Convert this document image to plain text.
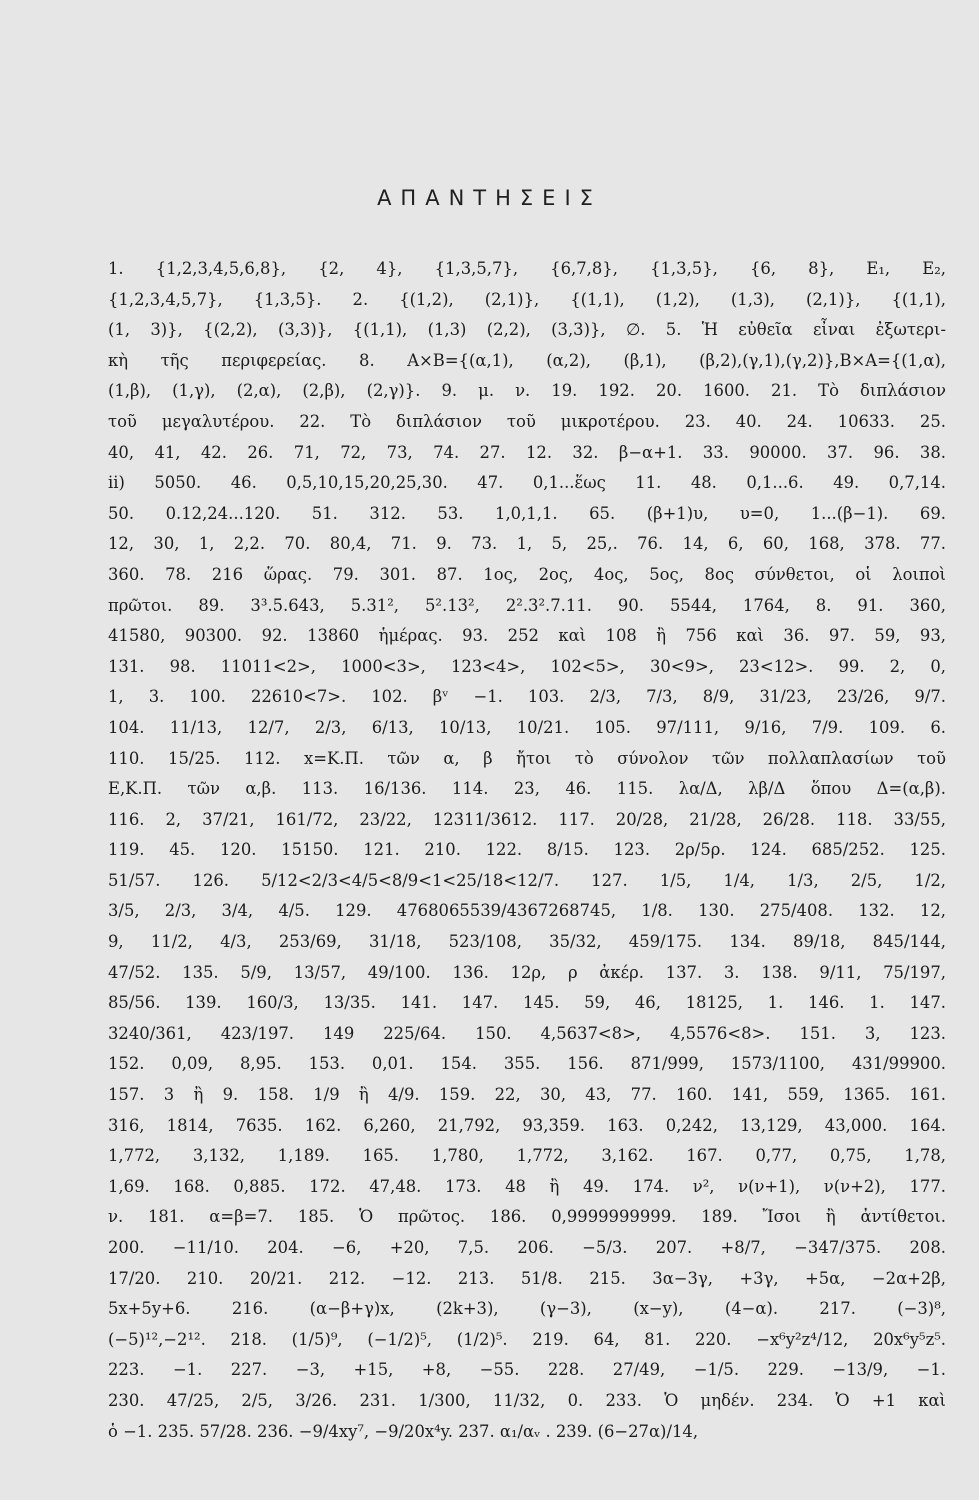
ΑΠΑΝΤΗΣΕΙΣ
1. {1,2,3,4,5,6,8}, {2, 4}, {1,3,5,7}, {6,7,8}, {1,3,5}, {6, 8}, Ε₁, Ε₂,
{1,2,3,4,5,7}, {1,3,5}. 2. {(1,2), (2,1)}, {(1,1), (1,2), (1,3), (2,1)}, {(1,1),
(1, 3)}, {(2,2), (3,3)}, {(1,1), (1,3) (2,2), (3,3)}, ∅. 5. Ἡ εὐθεῖα εἶναι ἐξωτερι-
κὴ τῆς περιφερείας. 8. Α×Β={(α,1), (α,2), (β,1), (β,2),(γ,1),(γ,2)},Β×Α={(1,α),
(1,β), (1,γ), (2,α), (2,β), (2,γ)}. 9. μ. ν. 19. 192. 20. 1600. 21. Τὸ διπλάσιον
τοῦ μεγαλυτέρου. 22. Τὸ διπλάσιον τοῦ μικροτέρου. 23. 40. 24. 10633. 25.
40, 41, 42. 26. 71, 72, 73, 74. 27. 12. 32. β−α+1. 33. 90000. 37. 96. 38.
ii) 5050. 46. 0,5,10,15,20,25,30. 47. 0,1...ἕως 11. 48. 0,1...6. 49. 0,7,14.
50. 0.12,24...120. 51. 312. 53. 1,0,1,1. 65. (β+1)υ, υ=0, 1...(β−1). 69.
12, 30, 1, 2,2. 70. 80,4, 71. 9. 73. 1, 5, 25,. 76. 14, 6, 60, 168, 378. 77.
360. 78. 216 ὥρας. 79. 301. 87. 1ος, 2ος, 4ος, 5ος, 8ος σύνθετοι, οἱ λοιποὶ
πρῶτοι. 89. 3³.5.643, 5.31², 5².13², 2².3².7.11. 90. 5544, 1764, 8. 91. 360,
41580, 90300. 92. 13860 ἡμέρας. 93. 252 καὶ 108 ἢ 756 καὶ 36. 97. 59, 93,
131. 98. 11011<2>, 1000<3>, 123<4>, 102<5>, 30<9>, 23<12>. 99. 2, 0,
1, 3. 100. 22610<7>. 102. βᵛ −1. 103. 2/3, 7/3, 8/9, 31/23, 23/26, 9/7.
104. 11/13, 12/7, 2/3, 6/13, 10/13, 10/21. 105. 97/111, 9/16, 7/9. 109. 6.
110. 15/25. 112. x=Κ.Π. τῶν α, β ἤτοι τὸ σύνολον τῶν πολλαπλασίων τοῦ
Ε,Κ.Π. τῶν α,β. 113. 16/136. 114. 23, 46. 115. λα/Δ, λβ/Δ ὅπου Δ=(α,β).
116. 2, 37/21, 161/72, 23/22, 12311/3612. 117. 20/28, 21/28, 26/28. 118. 33/55,
119. 45. 120. 15150. 121. 210. 122. 8/15. 123. 2ρ/5ρ. 124. 685/252. 125.
51/57. 126. 5/12<2/3<4/5<8/9<1<25/18<12/7. 127. 1/5, 1/4, 1/3, 2/5, 1/2,
3/5, 2/3, 3/4, 4/5. 129. 4768065539/4367268745, 1/8. 130. 275/408. 132. 12,
9, 11/2, 4/3, 253/69, 31/18, 523/108, 35/32, 459/175. 134. 89/18, 845/144,
47/52. 135. 5/9, 13/57, 49/100. 136. 12ρ, ρ ἀκέρ. 137. 3. 138. 9/11, 75/197,
85/56. 139. 160/3, 13/35. 141. 147. 145. 59, 46, 18125, 1. 146. 1. 147.
3240/361, 423/197. 149 225/64. 150. 4,5637<8>, 4,5576<8>. 151. 3, 123.
152. 0,09, 8,95. 153. 0,01. 154. 355. 156. 871/999, 1573/1100, 431/99900.
157. 3 ἢ 9. 158. 1/9 ἢ 4/9. 159. 22, 30, 43, 77. 160. 141, 559, 1365. 161.
316, 1814, 7635. 162. 6,260, 21,792, 93,359. 163. 0,242, 13,129, 43,000. 164.
1,772, 3,132, 1,189. 165. 1,780, 1,772, 3,162. 167. 0,77, 0,75, 1,78,
1,69. 168. 0,885. 172. 47,48. 173. 48 ἢ 49. 174. ν², ν(ν+1), ν(ν+2), 177.
ν. 181. α=β=7. 185. Ὁ πρῶτος. 186. 0,9999999999. 189. Ἴσοι ἢ ἀντίθετοι.
200. −11/10. 204. −6, +20, 7,5. 206. −5/3. 207. +8/7, −347/375. 208.
17/20. 210. 20/21. 212. −12. 213. 51/8. 215. 3α−3γ, +3γ, +5α, −2α+2β,
5x+5y+6. 216. (α−β+γ)x, (2k+3), (γ−3), (x−y), (4−α). 217. (−3)⁸,
(−5)¹²,−2¹². 218. (1/5)⁹, (−1/2)⁵, (1/2)⁵. 219. 64, 81. 220. −x⁶y²z⁴/12, 20x⁶y⁵z⁵.
223. −1. 227. −3, +15, +8, −55. 228. 27/49, −1/5. 229. −13/9, −1.
230. 47/25, 2/5, 3/26. 231. 1/300, 11/32, 0. 233. Ὁ μηδέν. 234. Ὁ +1 καὶ
ὁ −1. 235. 57/28. 236. −9/4xy⁷, −9/20x⁴y. 237. α₁/αᵥ . 239. (6−27α)/14,
